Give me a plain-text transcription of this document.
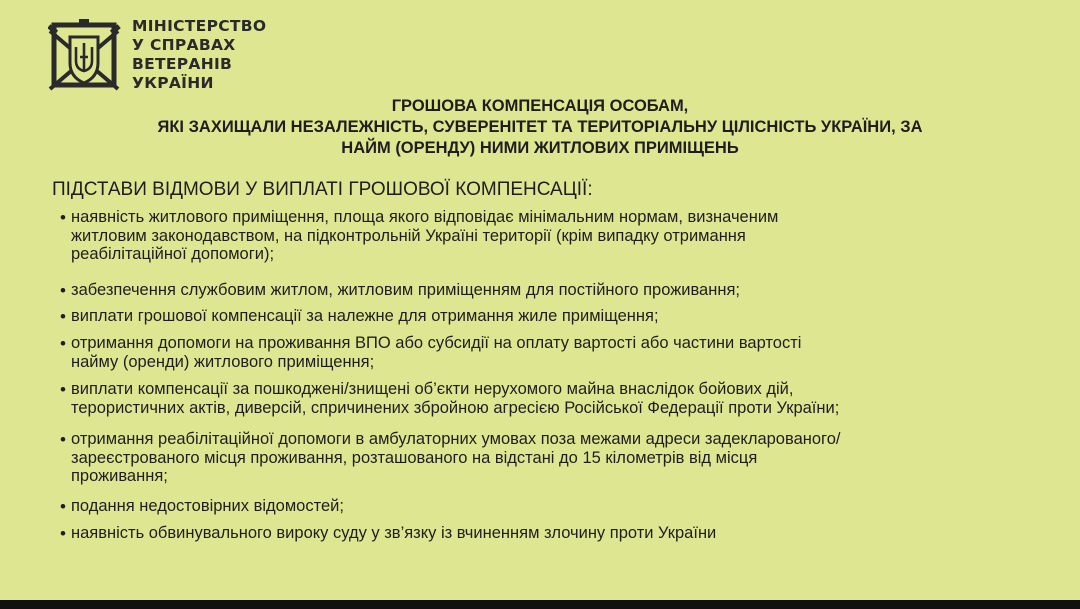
МІНІСТЕРСТВО
У СПРАВАХ
ВЕТЕРАНІВ
УКРАЇНИ
ГРОШОВА КОМПЕНСАЦІЯ ОСОБАМ,
ЯКІ ЗАХИЩАЛИ НЕЗАЛЕЖНІСТЬ, СУВЕРЕНІТЕТ ТА ТЕРИТОРІАЛЬНУ ЦІЛІСНІСТЬ УКРАЇНИ, ЗА
НАЙМ (ОРЕНДУ) НИМИ ЖИТЛОВИХ ПРИМІЩЕНЬ
ПІДСТАВИ ВІДМОВИ У ВИПЛАТІ ГРОШОВОЇ КОМПЕНСАЦІЇ:
• наявність житлового приміщення, площа якого відповідає мінімальним нормам, визначеним
житловим законодавством, на підконтрольній Україні території (крім випадку отримання
реабілітаційної допомоги);
• забезпечення службовим житлом, житловим приміщенням для постійного проживання;
• виплати грошової компенсації за належне для отримання жиле приміщення;
• отримання допомоги на проживання ВПО або субсидії на оплату вартості або частини вартості
найму (оренди) житлового приміщення;
• виплати компенсації за пошкоджені/знищені об’єкти нерухомого майна внаслідок бойових дій,
терористичних актів, диверсій, спричинених збройною агресією Російської Федерації проти України;
• отримання реабілітаційної допомоги в амбулаторних умовах поза межами адреси задекларованого/
зареєстрованого місця проживання, розташованого на відстані до 15 кілометрів від місця
проживання;
• подання недостовірних відомостей;
• наявність обвинувального вироку суду у зв’язку із вчиненням злочину проти України
